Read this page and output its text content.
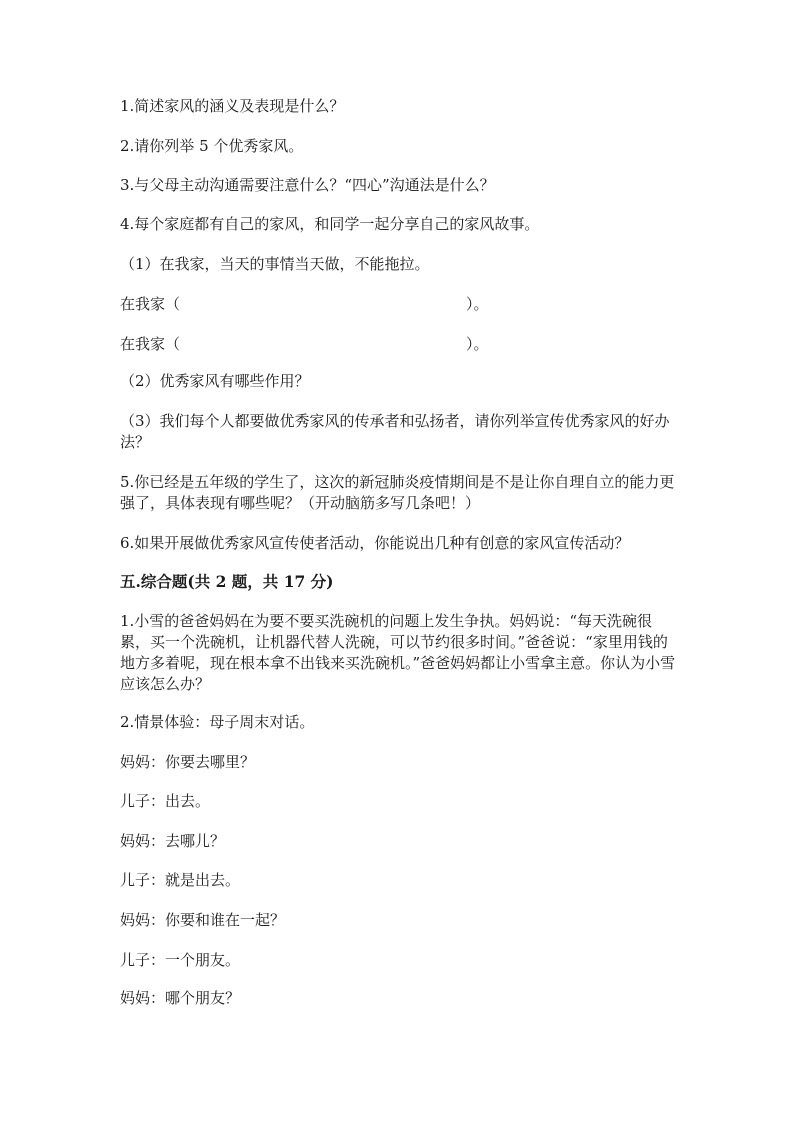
1.简述家风的涵义及表现是什么？
2.请你列举 5 个优秀家风。
3.与父母主动沟通需要注意什么？“四心”沟通法是什么？
4.每个家庭都有自己的家风，和同学一起分享自己的家风故事。
（1）在我家，当天的事情当天做，不能拖拉。
在我家（	）。
在我家（	）。
（2）优秀家风有哪些作用？
（3）我们每个人都要做优秀家风的传承者和弘扬者，请你列举宣传优秀家风的好办法？
5.你已经是五年级的学生了，这次的新冠肺炎疫情期间是不是让你自理自立的能力更强了，具体表现有哪些呢？（开动脑筋多写几条吧！）
6.如果开展做优秀家风宣传使者活动，你能说出几种有创意的家风宣传活动？
五.综合题(共 2 题，共 17 分)
1.小雪的爸爸妈妈在为要不要买洗碗机的问题上发生争执。妈妈说：“每天洗碗很累，买一个洗碗机，让机器代替人洗碗，可以节约很多时间。”爸爸说：“家里用钱的地方多着呢，现在根本拿不出钱来买洗碗机。”爸爸妈妈都让小雪拿主意。你认为小雪应该怎么办？
2.情景体验：母子周末对话。
妈妈：你要去哪里？
儿子：出去。
妈妈：去哪儿？
儿子：就是出去。
妈妈：你要和谁在一起？
儿子：一个朋友。
妈妈：哪个朋友？
